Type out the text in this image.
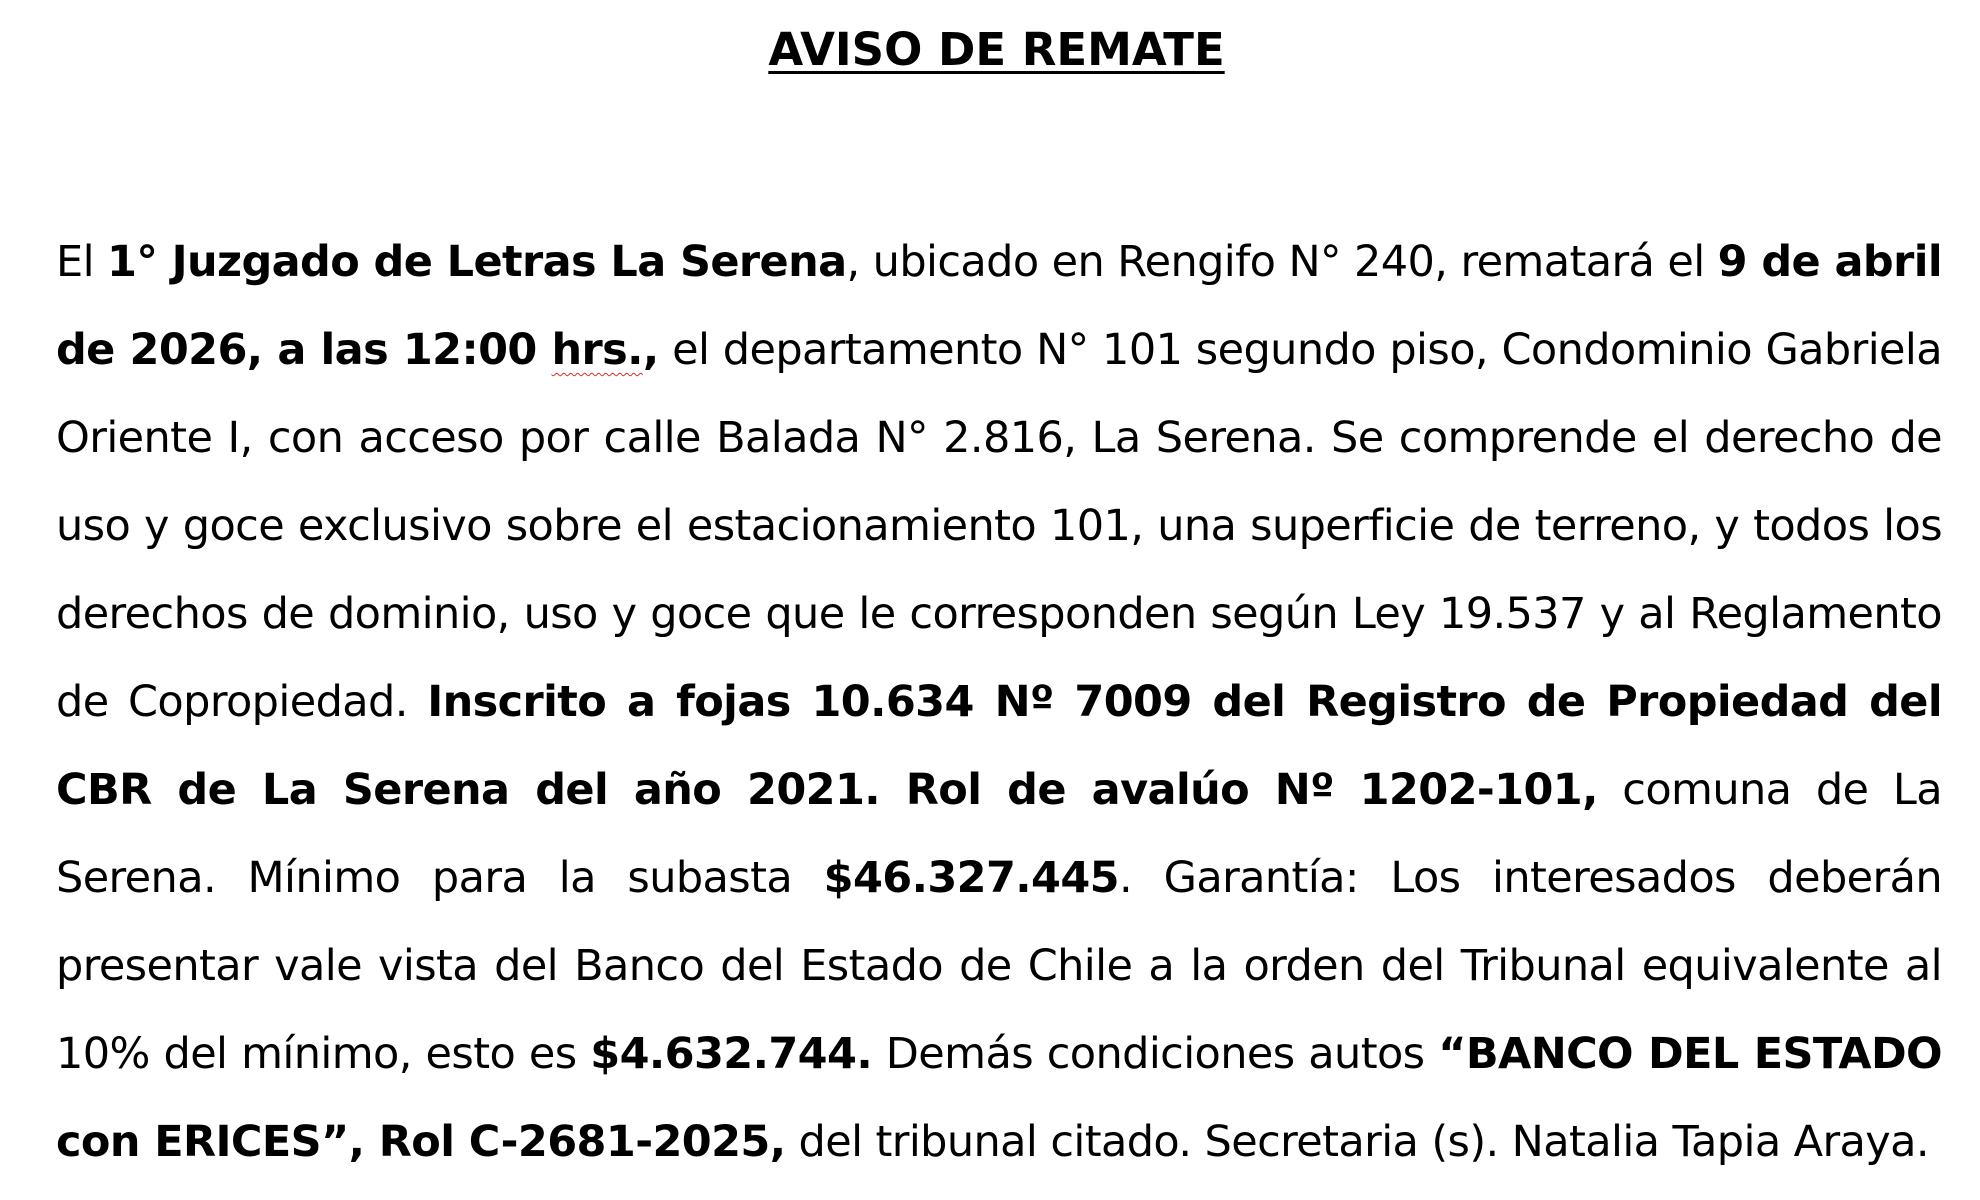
AVISO DE REMATE

El 1° Juzgado de Letras La Serena, ubicado en Rengifo N° 240, rematará el 9 de abril de 2026, a las 12:00 hrs., el departamento N° 101 segundo piso, Condominio Gabriela Oriente I, con acceso por calle Balada N° 2.816, La Serena. Se comprende el derecho de uso y goce exclusivo sobre el estacionamiento 101, una superficie de terreno, y todos los derechos de dominio, uso y goce que le corresponden según Ley 19.537 y al Reglamento de Copropiedad. Inscrito a fojas 10.634 Nº 7009 del Registro de Propiedad del CBR de La Serena del año 2021. Rol de avalúo Nº 1202-101, comuna de La Serena. Mínimo para la subasta $46.327.445. Garantía: Los interesados deberán presentar vale vista del Banco del Estado de Chile a la orden del Tribunal equivalente al 10% del mínimo, esto es $4.632.744. Demás condiciones autos “BANCO DEL ESTADO con ERICES”, Rol C-2681-2025, del tribunal citado. Secretaria (s). Natalia Tapia Araya.
